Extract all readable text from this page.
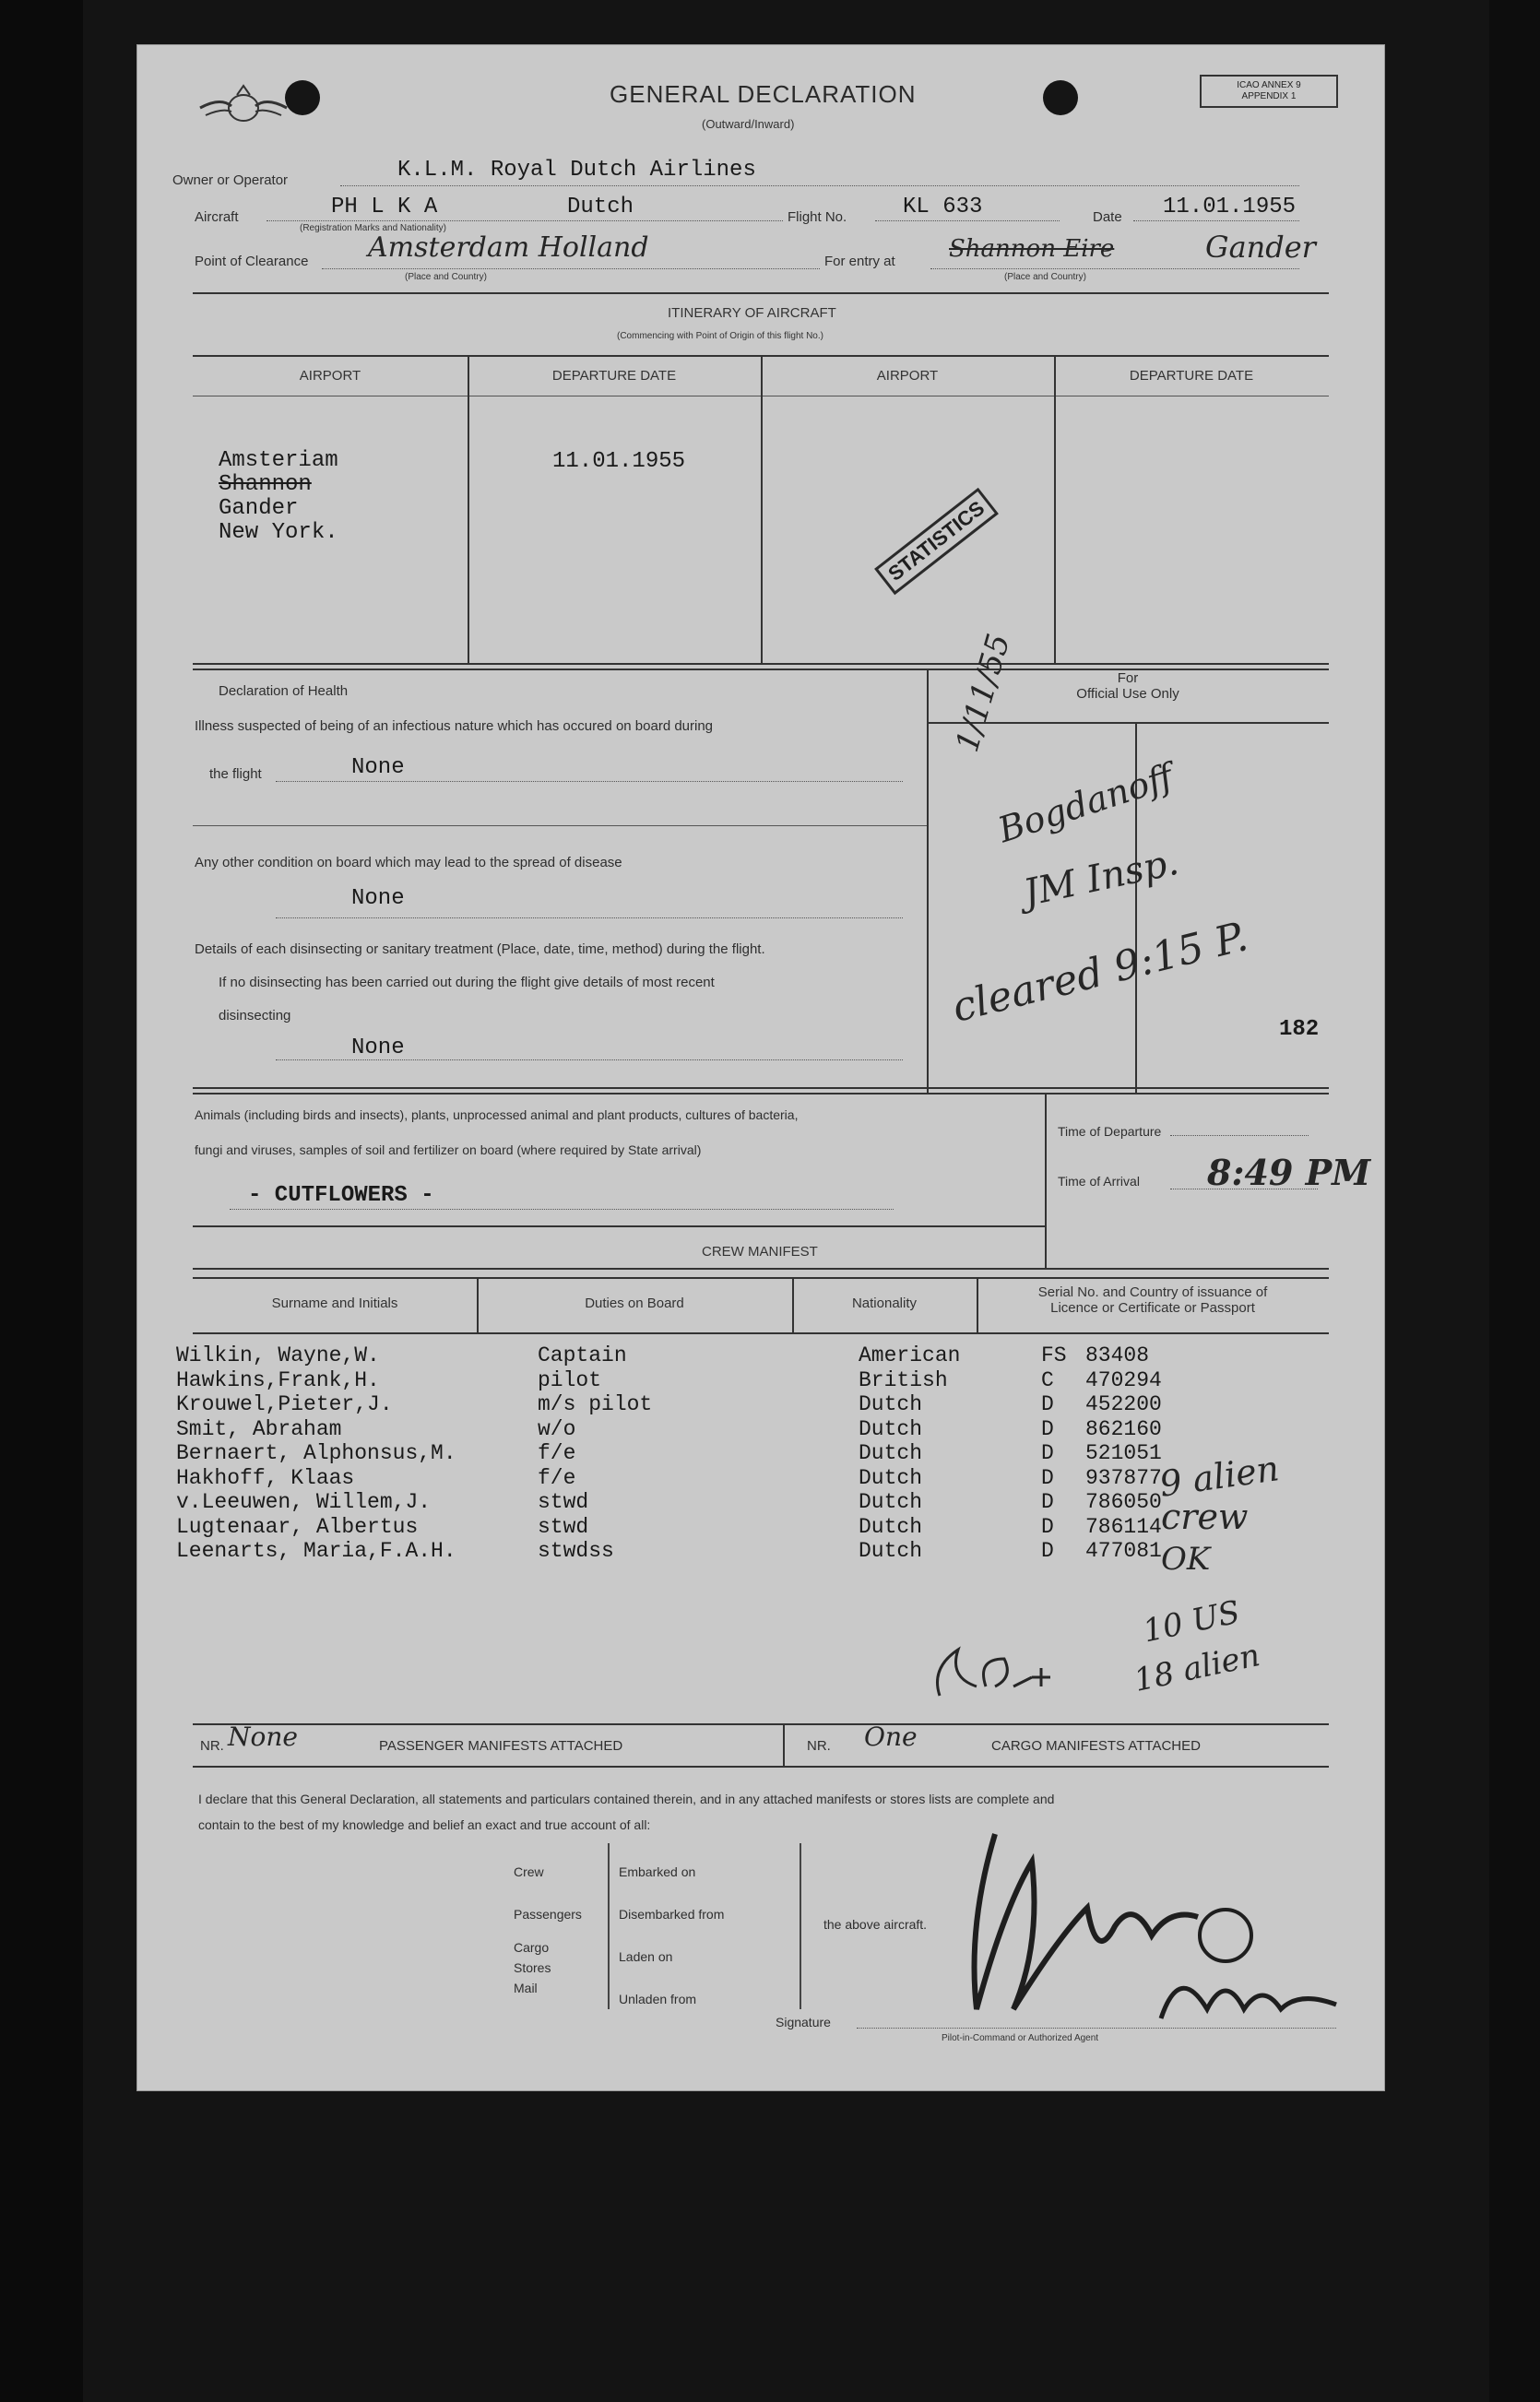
GENERAL DECLARATION
(Outward/Inward)
ICAO ANNEX 9
APPENDIX 1
Owner or Operator	K.L.M. Royal Dutch Airlines
Aircraft	PH L K A	Dutch
(Registration Marks and Nationality)
Flight No.	KL 633	Date 11.01.1955
Point of Clearance Amsterdam Holland
(Place and Country)
For entry at Shannon Eire	Gander
(Place and Country)
ITINERARY OF AIRCRAFT
(Commencing with Point of Origin of this flight No.)
AIRPORT	DEPARTURE DATE	AIRPORT	DEPARTURE DATE
Amsteriam
Shannon
Gander
New York.
11.01.1955
STATISTICS
Declaration of Health
Illness suspected of being of an infectious nature which has occured on board during
the flight	None
Any other condition on board which may lead to the spread of disease
None
Details of each disinsecting or sanitary treatment (Place, date, time, method) during the flight.
If no disinsecting has been carried out during the flight give details of most recent
disinsecting
None
For
Official Use Only
1/11/55
Bogdanoff
JM Insp.
cleared 9:15 P. 182
Animals (including birds and insects), plants, unprocessed animal and plant products, cultures of bacteria,
fungi and viruses, samples of soil and fertilizer on board (where required by State arrival)
- CUTFLOWERS -
Time of Departure
Time of Arrival 8:49 PM
CREW MANIFEST
Surname and Initials	Duties on Board	Nationality
Serial No. and Country of issuance of
Licence or Certificate or Passport
Wilkin, Wayne,W.	Captain	American	FS 83408
Hawkins,Frank,H.	pilot	British	C 470294
Krouwel,Pieter,J.	m/s pilot	Dutch	D 452200
Smit, Abraham	w/o	Dutch	D 862160
Bernaert, Alphonsus,M.	f/e	Dutch	D 521051
Hakhoff, Klaas	f/e	Dutch	D 937877
v.Leeuwen, Willem,J.	stwd	Dutch	D 786050
Lugtenaar, Albertus	stwd	Dutch	D 786114
Leenarts, Maria,F.A.H.	stwdss	Dutch	D 477081
9 alien
crew
OK
10 US
18 alien
NR. None	PASSENGER MANIFESTS ATTACHED	NR. One	CARGO MANIFESTS ATTACHED
I declare that this General Declaration, all statements and particulars contained therein, and in any attached manifests or stores lists are complete and
contain to the best of my knowledge and belief an exact and true account of all:
Crew
Passengers
Cargo
Stores
Mail
Embarked on
Disembarked from
Laden on
Unladen from
the above aircraft.
Signature
Pilot-in-Command or Authorized Agent
